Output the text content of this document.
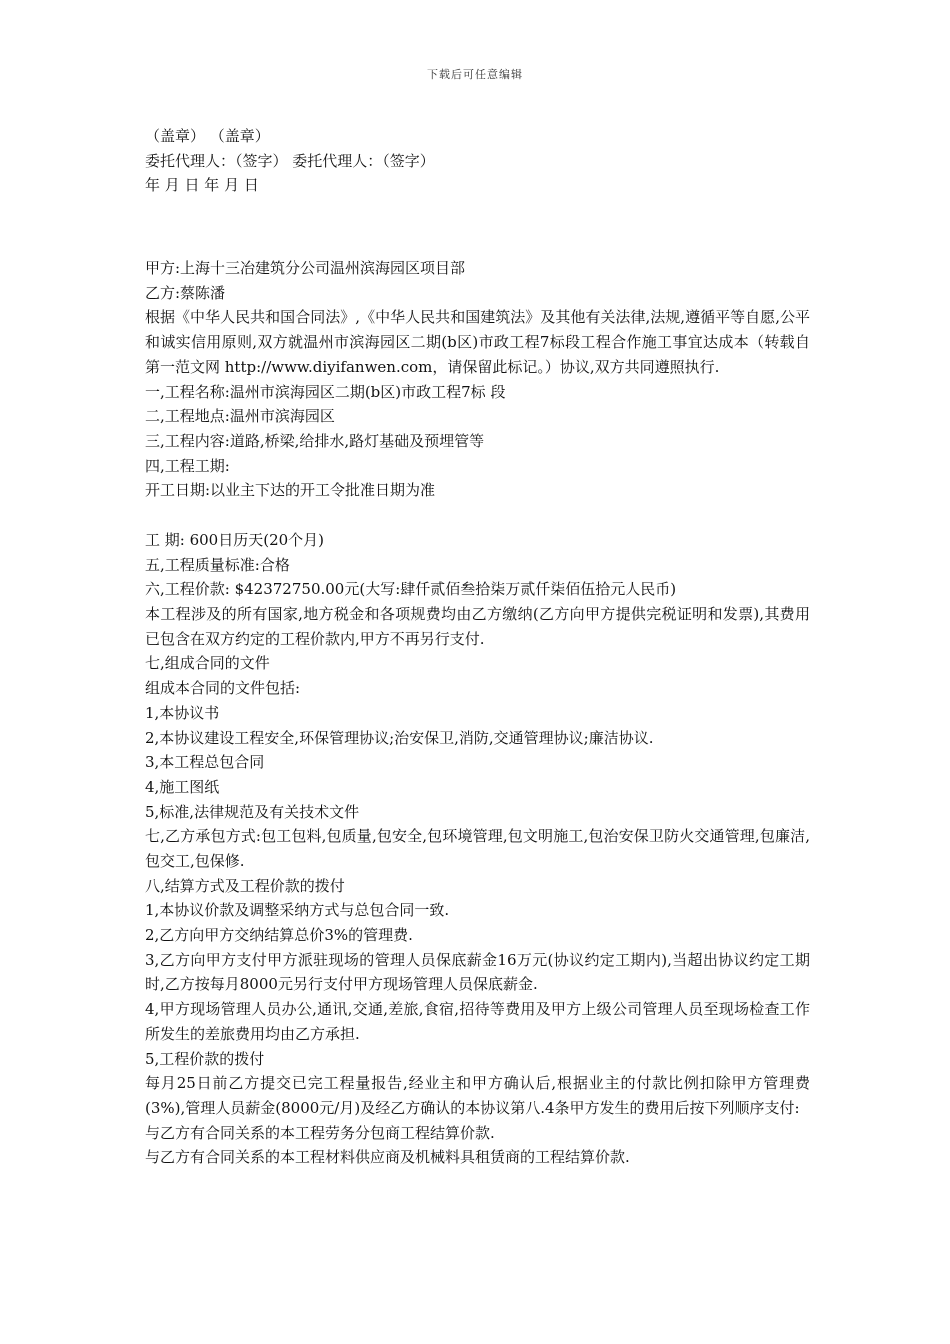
下载后可任意编辑
（盖章） （盖章）
委托代理人：（签字） 委托代理人：（签字）
年 月 日 年 月 日
甲方:上海十三冶建筑分公司温州滨海园区项目部
乙方:蔡陈潘
根据《中华人民共和国合同法》,《中华人民共和国建筑法》及其他有关法律,法规,遵循平等自愿,公平和诚实信用原则,双方就温州市滨海园区二期(b区)市政工程7标段工程合作施工事宜达成本（转载自第一范文网 http://www.diyifanwen.com，请保留此标记。）协议,双方共同遵照执行.
一,工程名称:温州市滨海园区二期(b区)市政工程7标 段
二,工程地点:温州市滨海园区
三,工程内容:道路,桥梁,给排水,路灯基础及预埋管等
四,工程工期:
开工日期:以业主下达的开工令批准日期为准
工 期: 600日历天(20个月)
五,工程质量标准:合格
六,工程价款: $42372750.00元(大写:肆仟贰佰叁拾柒万贰仟柒佰伍拾元人民币)
本工程涉及的所有国家,地方税金和各项规费均由乙方缴纳(乙方向甲方提供完税证明和发票),其费用已包含在双方约定的工程价款内,甲方不再另行支付.
七,组成合同的文件
组成本合同的文件包括:
1,本协议书
2,本协议建设工程安全,环保管理协议;治安保卫,消防,交通管理协议;廉洁协议.
3,本工程总包合同
4,施工图纸
5,标准,法律规范及有关技术文件
七,乙方承包方式:包工包料,包质量,包安全,包环境管理,包文明施工,包治安保卫防火交通管理,包廉洁,包交工,包保修.
八,结算方式及工程价款的拨付
1,本协议价款及调整采纳方式与总包合同一致.
2,乙方向甲方交纳结算总价3%的管理费.
3,乙方向甲方支付甲方派驻现场的管理人员保底薪金16万元(协议约定工期内),当超出协议约定工期时,乙方按每月8000元另行支付甲方现场管理人员保底薪金.
4,甲方现场管理人员办公,通讯,交通,差旅,食宿,招待等费用及甲方上级公司管理人员至现场检查工作所发生的差旅费用均由乙方承担.
5,工程价款的拨付
每月25日前乙方提交已完工程量报告,经业主和甲方确认后,根据业主的付款比例扣除甲方管理费(3%),管理人员薪金(8000元/月)及经乙方确认的本协议第八.4条甲方发生的费用后按下列顺序支付:
与乙方有合同关系的本工程劳务分包商工程结算价款.
与乙方有合同关系的本工程材料供应商及机械料具租赁商的工程结算价款.
